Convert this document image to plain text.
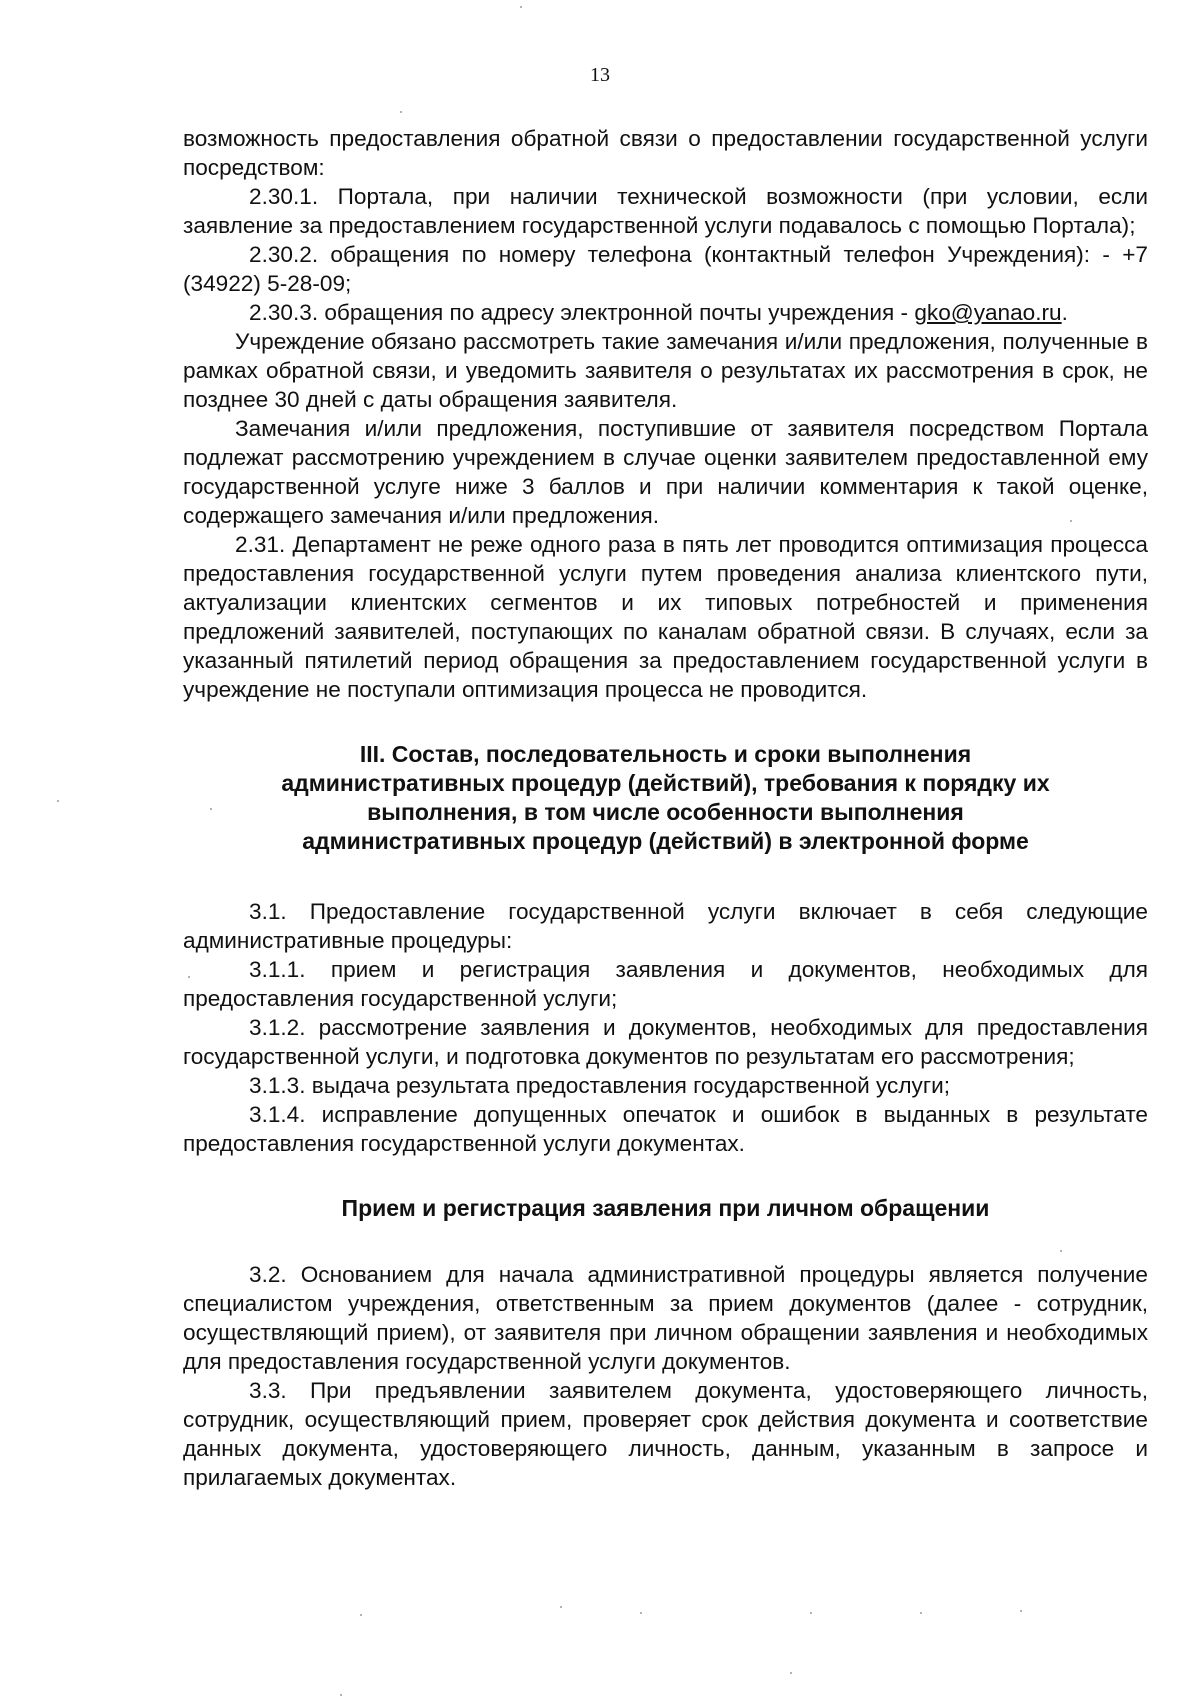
13

возможность предоставления обратной связи о предоставлении государственной услуги посредством:

2.30.1. Портала, при наличии технической возможности (при условии, если заявление за предоставлением государственной услуги подавалось с помощью Портала);

2.30.2. обращения по номеру телефона (контактный телефон Учреждения): - +7 (34922) 5-28-09;

2.30.3. обращения по адресу электронной почты учреждения - gko@yanao.ru.

Учреждение обязано рассмотреть такие замечания и/или предложения, полученные в рамках обратной связи, и уведомить заявителя о результатах их рассмотрения в срок, не позднее 30 дней с даты обращения заявителя.

Замечания и/или предложения, поступившие от заявителя посредством Портала подлежат рассмотрению учреждением в случае оценки заявителем предоставленной ему государственной услуге ниже 3 баллов и при наличии комментария к такой оценке, содержащего замечания и/или предложения.

2.31. Департамент не реже одного раза в пять лет проводится оптимизация процесса предоставления государственной услуги путем проведения анализа клиентского пути, актуализации клиентских сегментов и их типовых потребностей и применения предложений заявителей, поступающих по каналам обратной связи. В случаях, если за указанный пятилетий период обращения за предоставлением государственной услуги в учреждение не поступали оптимизация процесса не проводится.

III. Состав, последовательность и сроки выполнения
административных процедур (действий), требования к порядку их
выполнения, в том числе особенности выполнения
административных процедур (действий) в электронной форме

3.1. Предоставление государственной услуги включает в себя следующие административные процедуры:

3.1.1. прием и регистрация заявления и документов, необходимых для предоставления государственной услуги;

3.1.2. рассмотрение заявления и документов, необходимых для предоставления государственной услуги, и подготовка документов по результатам его рассмотрения;

3.1.3. выдача результата предоставления государственной услуги;

3.1.4. исправление допущенных опечаток и ошибок в выданных в результате предоставления государственной услуги документах.

Прием и регистрация заявления при личном обращении

3.2. Основанием для начала административной процедуры является получение специалистом учреждения, ответственным за прием документов (далее - сотрудник, осуществляющий прием), от заявителя при личном обращении заявления и необходимых для предоставления государственной услуги документов.

3.3. При предъявлении заявителем документа, удостоверяющего личность, сотрудник, осуществляющий прием, проверяет срок действия документа и соответствие данных документа, удостоверяющего личность, данным, указанным в запросе и прилагаемых документах.
